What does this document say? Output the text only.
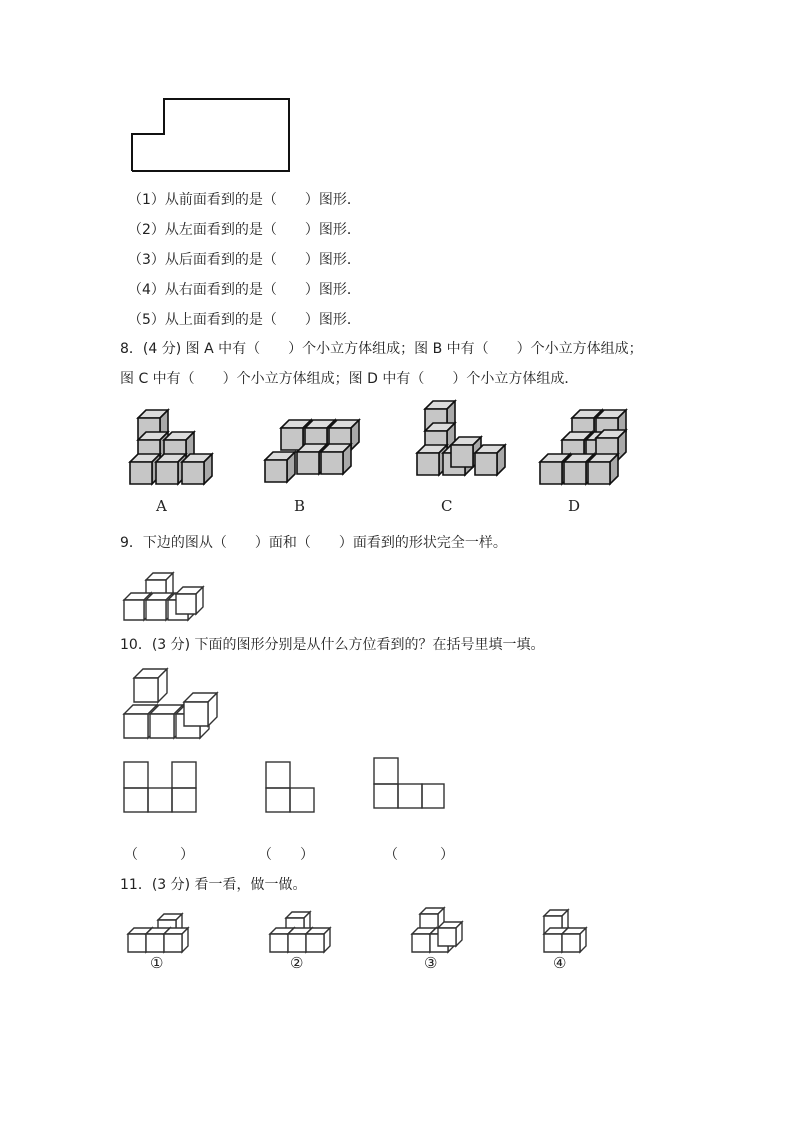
（1）从前面看到的是（　　）图形．
（2）从左面看到的是（　　）图形．
（3）从后面看到的是（　　）图形．
（4）从右面看到的是（　　）图形．
（5）从上面看到的是（　　）图形．
8．(4 分) 图 A 中有（　　）个小立方体组成；图 B 中有（　　）个小立方体组成；
图 C 中有（　　）个小立方体组成；图 D 中有（　　）个小立方体组成．
A	B	C	D
9．下边的图从（　　）面和（　　）面看到的形状完全一样。
10．(3 分) 下面的图形分别是从什么方位看到的？在括号里填一填。
（　　　）	（　　）	（　　　）
11．(3 分) 看一看，做一做。
①	②	③	④
